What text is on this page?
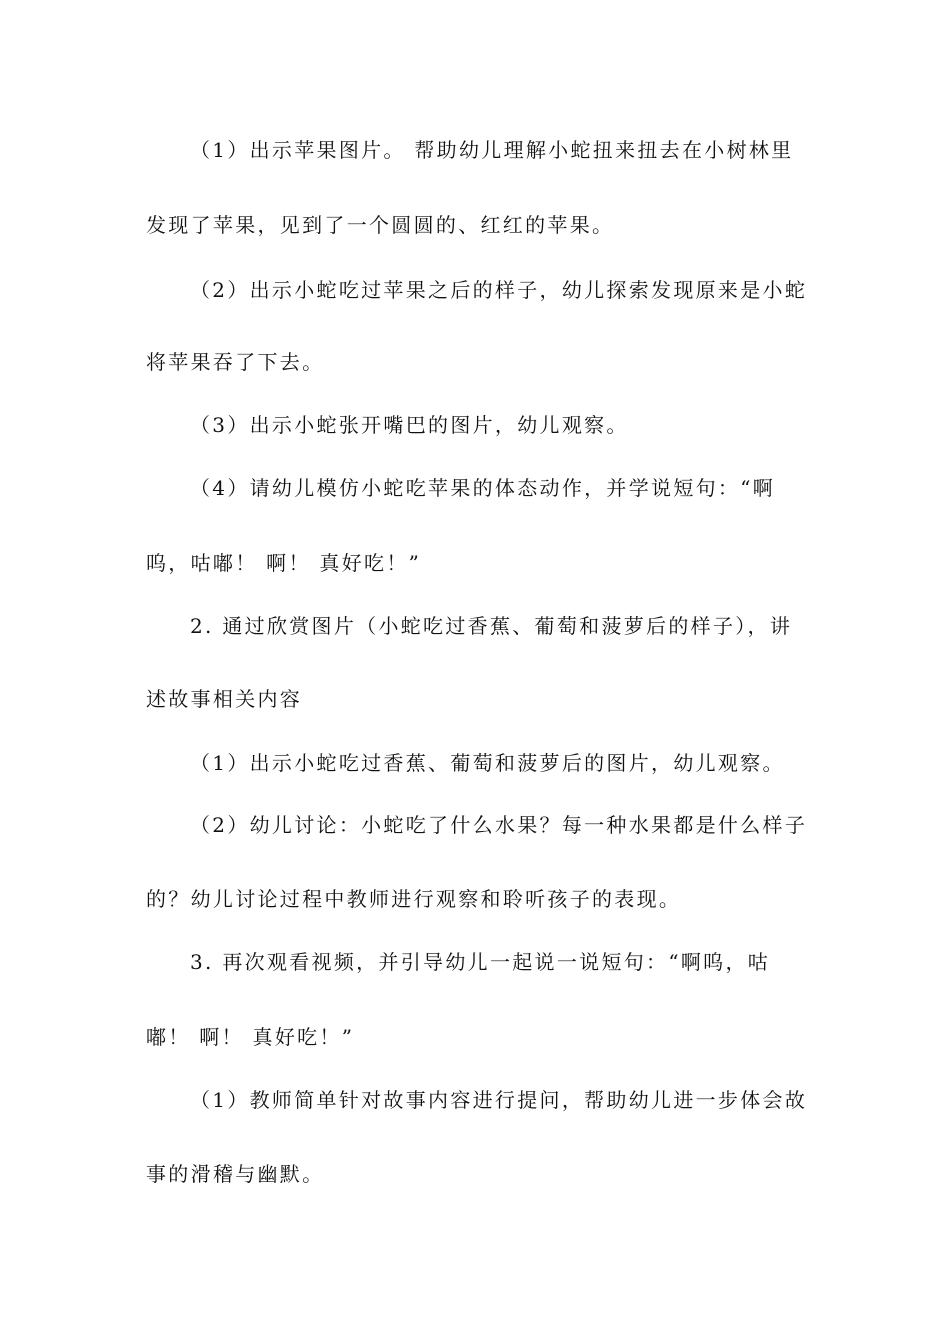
（1）出示苹果图片。 帮助幼儿理解小蛇扭来扭去在小树林里

发现了苹果，见到了一个圆圆的、红红的苹果。

（2）出示小蛇吃过苹果之后的样子，幼儿探索发现原来是小蛇

将苹果吞了下去。

（3）出示小蛇张开嘴巴的图片，幼儿观察。

（4）请幼儿模仿小蛇吃苹果的体态动作，并学说短句：“啊

呜，咕嘟！ 啊！ 真好吃！”

2. 通过欣赏图片（小蛇吃过香蕉、葡萄和菠萝后的样子），讲

述故事相关内容

（1）出示小蛇吃过香蕉、葡萄和菠萝后的图片，幼儿观察。

（2）幼儿讨论：小蛇吃了什么水果？每一种水果都是什么样子

的？幼儿讨论过程中教师进行观察和聆听孩子的表现。

3. 再次观看视频，并引导幼儿一起说一说短句：“啊呜，咕

嘟！ 啊！ 真好吃！”

（1）教师简单针对故事内容进行提问，帮助幼儿进一步体会故

事的滑稽与幽默。
